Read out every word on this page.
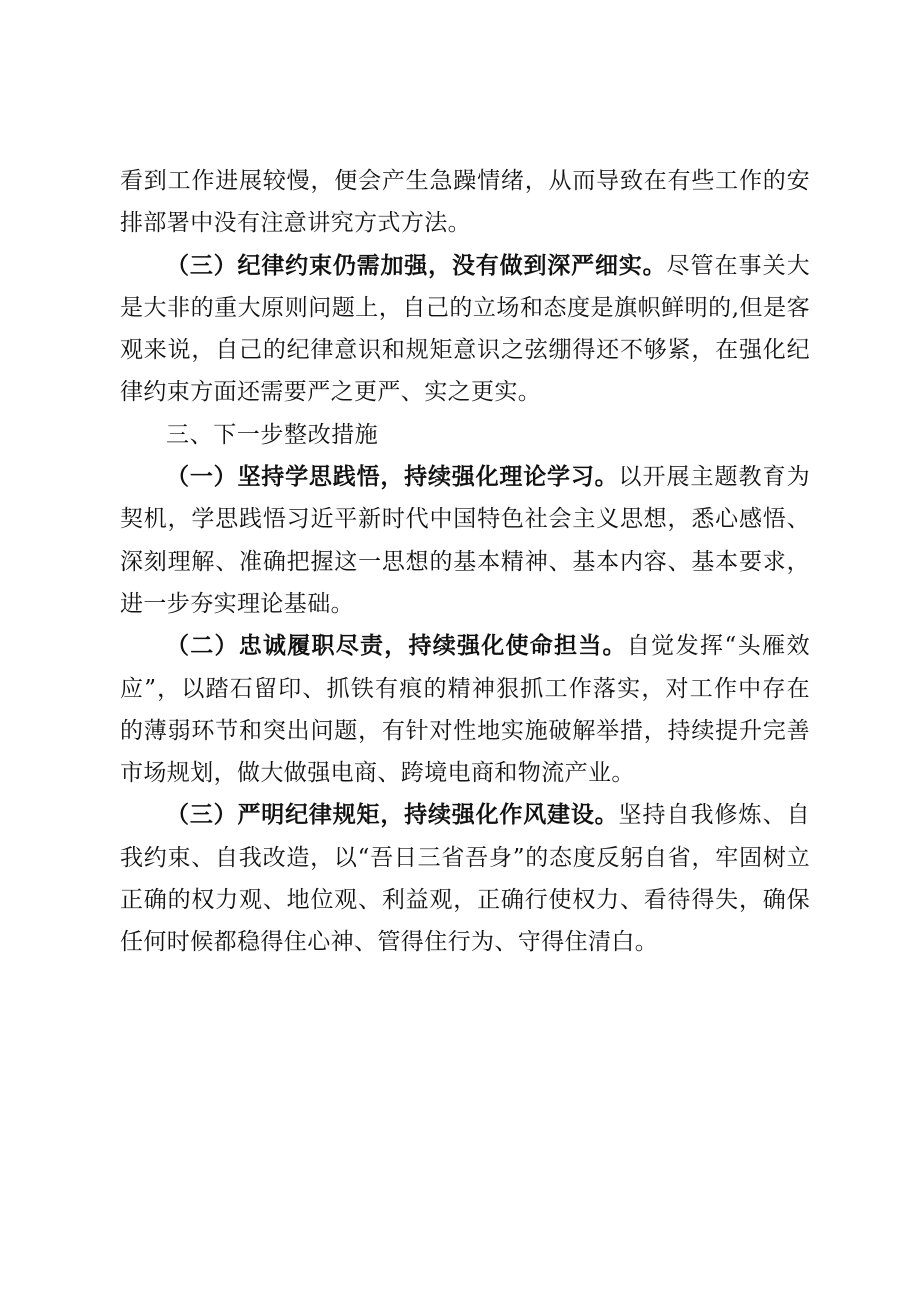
看到工作进展较慢，便会产生急躁情绪，从而导致在有些工作的安排部署中没有注意讲究方式方法。

（三）纪律约束仍需加强，没有做到深严细实。尽管在事关大是大非的重大原则问题上，自己的立场和态度是旗帜鲜明的,但是客观来说，自己的纪律意识和规矩意识之弦绷得还不够紧，在强化纪律约束方面还需要严之更严、实之更实。

三、下一步整改措施

（一）坚持学思践悟，持续强化理论学习。以开展主题教育为契机，学思践悟习近平新时代中国特色社会主义思想，悉心感悟、深刻理解、准确把握这一思想的基本精神、基本内容、基本要求，进一步夯实理论基础。

（二）忠诚履职尽责，持续强化使命担当。自觉发挥“头雁效应”，以踏石留印、抓铁有痕的精神狠抓工作落实，对工作中存在的薄弱环节和突出问题，有针对性地实施破解举措，持续提升完善市场规划，做大做强电商、跨境电商和物流产业。

（三）严明纪律规矩，持续强化作风建设。坚持自我修炼、自我约束、自我改造，以“吾日三省吾身”的态度反躬自省，牢固树立正确的权力观、地位观、利益观，正确行使权力、看待得失，确保任何时候都稳得住心神、管得住行为、守得住清白。
